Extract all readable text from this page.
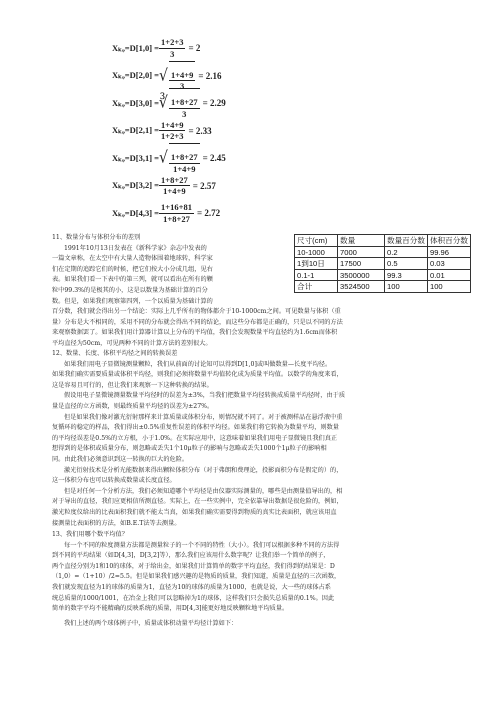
Xₖᵩ=D[1,0] = $\frac{1+2+3}{3} = 2$
Xₖᵩ=D[2,0] = √ $\frac{1+4+9}{3} = 2.16$
Xₖᵩ=D[3,0] = ∛ $\frac{1+8+27}{3} = 2.29$
Xₖᵩ=D[2,1] = $\frac{1+4+9}{1+2+3} = 2.33$
Xₖᵩ=D[3,1] = √ $\frac{1+8+27}{1+4+9} = 2.45$
Xₖᵩ=D[3,2] = $\frac{1+8+27}{1+4+9} = 2.57$
Xₖᵩ=D[4,3] = $\frac{1+16+81}{1+8+27} = 2.72$

11、数量分布与体积分布的差别

1991年10月13日发表在《新科学家》杂志中发表的

一篇文章称，在太空中有大量人造物体围着地球转，科学家

们在定期的追踪它们的时候，把它们按大小分成几组，见右

表。如果我们看一下表中的第三列，就可以看出在所有的颗

粒中99.3%的是极其的小，这是以数量为基础计算的百分

数。但是，如果我们观察第四列，一个以质量为基础计算的

尺寸(cm)	数量	数量百分数	体积百分数
10-1000	7000	0.2	99.96
1到10日	17500	0.5	0.03
0.1-1	3500000	99.3	0.01
合计	3524500	100	100

百分数，我们就会得出另一个结论：实际上几乎所有的物体都介于10-1000cm之间。可见数量与体积（重

量）分布是大不相同的，采用不同的分布就会得出不同的结论，而这些分布都是正确的，只是以不同的方法

来观察数据罢了。如果我们用计算器计算以上分布的平均值，我们会发现数量平均直径约为1.6cm而体积

平均直径为50cm，可见两种不同的计算方法的差别很大。

12、数量、长度、体积平均径之间的转换误差

如果我们用电子显微镜测量颗粒，我们从前面的讨论知可以得到D[1,0]或叫做数量—长度平均径。

如果我们确实需要质量或体积平均径，则我们必须将数量平均值转化成为质量平均值。以数学的角度来看，

这是容易且可行的，但让我们来观察一下这种转换的结果。

假设用电子显微镜测量数量平均径时的误差为±3%，当我们把数量平均径转换成质量平均径时，由于质

量是直径的立方函数，则最终质量平均径的误差为±27%。

但是如果我们像对激光衍射那样来计算质量或体积分布，则情况就不同了。对于被测样品在悬浮液中重

复循环的稳定的样品，我们得出±0.5%重复性误差的体积平均径。如果我们将它转换为数量平均，则数量

的平均径误差是0.5%的立方根，小于1.0%。在实际应用中，这意味着如果我们用电子显微镜且我们真正

想得到的是体积或质量分布，则忽略或丢失1个10μ粒子的影响与忽略或丢失1000个1μ粒子的影响相

同。由此我们必须意识到这一转换的巨大的危险。

激光衍射技术是分析光能数据来得出颗粒体积分布（对于弗朗和费理论，投影面积分布是假定的）的，

这一体积分布也可以转换成数量或长度直径。

但是对任何一个分析方法，我们必须知道哪个平均径是由仪器实际测量的，哪些是由测量值导出的，相

对于导出的直径，我们应更相信所测直径。实际上，在一些实例中，完全依靠导出数据是很危险的，例如，

激光粒度仪给出的比表面积我们就不能太当真，如果我们确实需要得到物质的真实比表面积，就应该用直

接测量比表面积的方法，如B.E.T法等去测量。

13、我们用哪个数平均值？

每一个不同的粒度测量方法都是测量粒子的一个不同的特性（大小）。我们可以根据多种不同的方法得

到不同的平均结果（如D[4,3]，D[3,2]等），那么我们应该用什么数字呢？让我们举一个简单的例子，

两个直径分别为1和10的球体，对于给出金，如果我们计算简单的数字平均直径，我们得到的结果是：D

（1,0）=（1+10）/2=5.5。但是如果我们感兴趣的是物质的质量，我们知道，质量是直径的三次函数，

我们就发现直径为1的球体的质量为1，直径为10的球体的质量为1000，也就是说，大一些的球体占系

统总质量的1000/1001，在冶金上我们可以忽略掉为1的球体，这样我们只会损失总质量的0.1%。因此

简单的数字平均不能精确的反映系统的质量，用D[4,3]能更好地反映颗粒地平均质量。

我们上述的两个球体例子中，质量或体积动量平均径计算如下：
